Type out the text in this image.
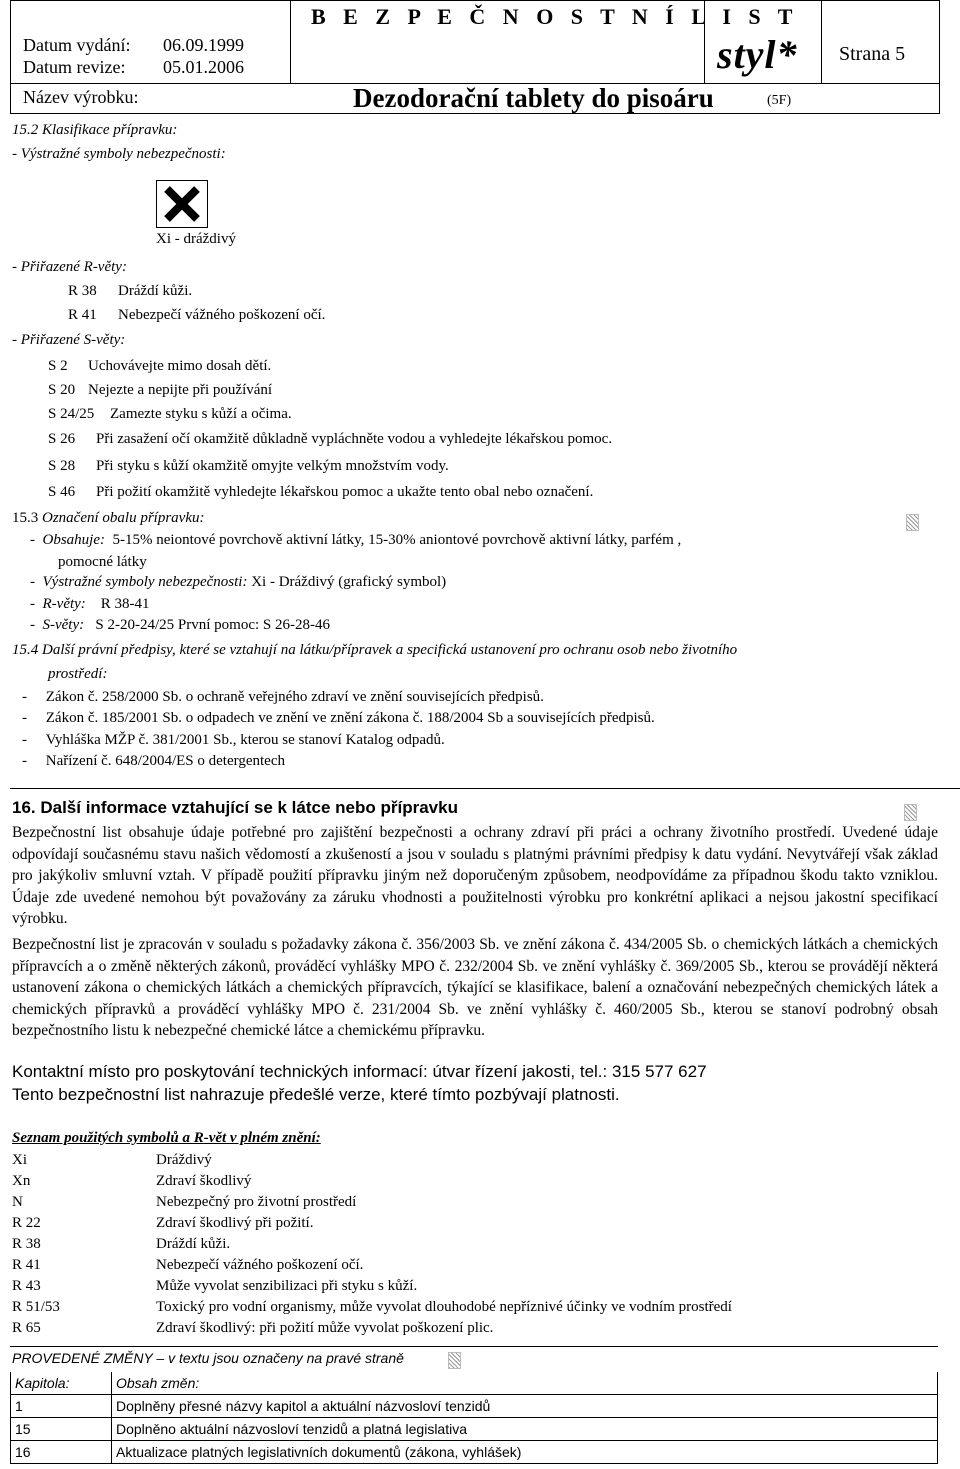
Datum vydání: 06.09.1999
Datum revize: 05.01.2006
B E Z P E Č N O S T N Í L I S T
styl* Strana 5
Název výrobku:	Dezodorační tablety do pisoáru	(5F)
15.2 Klasifikace přípravku:
- Výstražné symboly nebezpečnosti:
Xi - dráždivý
- Přiřazené R-věty:
R 38 Dráždí kůži.
R 41 Nebezpečí vážného poškození očí.
- Přiřazené S-věty:
S 2 Uchovávejte mimo dosah dětí.
S 20 Nejezte a nepijte při používání
S 24/25 Zamezte styku s kůží a očima.
S 26 Při zasažení očí okamžitě důkladně vypláchněte vodou a vyhledejte lékařskou pomoc.
S 28 Při styku s kůží okamžitě omyjte velkým množstvím vody.
S 46 Při požití okamžitě vyhledejte lékařskou pomoc a ukažte tento obal nebo označení.
15.3 Označení obalu přípravku:
-  Obsahuje: 5-15% neiontové povrchově aktivní látky, 15-30% aniontové povrchově aktivní látky, parfém ,
pomocné látky
-  Výstražné symboly nebezpečnosti: Xi - Dráždivý (grafický symbol)
-  R-věty: R 38-41
-  S-věty: S 2-20-24/25 První pomoc: S 26-28-46
15.4 Další právní předpisy, které se vztahují na látku/přípravek a specifická ustanovení pro ochranu osob nebo životního
prostředí:
-     Zákon č. 258/2000 Sb. o ochraně veřejného zdraví ve znění souvisejících předpisů.
-     Zákon č. 185/2001 Sb. o odpadech ve znění ve znění zákona č. 188/2004 Sb a souvisejících předpisů.
-     Vyhláška MŽP č. 381/2001 Sb., kterou se stanoví Katalog odpadů.
-     Nařízení č. 648/2004/ES o detergentech
16. Další informace vztahující se k látce nebo přípravku
Bezpečnostní list obsahuje údaje potřebné pro zajištění bezpečnosti a ochrany zdraví při práci a ochrany životního prostředí. Uvedené údaje odpovídají současnému stavu našich vědomostí a zkušeností a jsou v souladu s platnými právními předpisy k datu vydání. Nevytvářejí však základ pro jakýkoliv smluvní vztah. V případě použití přípravku jiným než doporučeným způsobem, neodpovídáme za případnou škodu takto vzniklou. Údaje zde uvedené nemohou být považovány za záruku vhodnosti a použitelnosti výrobku pro konkrétní aplikaci a nejsou jakostní specifikací výrobku.
Bezpečnostní list je zpracován v souladu s požadavky zákona č. 356/2003 Sb. ve znění zákona č. 434/2005 Sb. o chemických látkách a chemických přípravcích a o změně některých zákonů, prováděcí vyhlášky MPO č. 232/2004 Sb. ve znění vyhlášky č. 369/2005 Sb., kterou se provádějí některá ustanovení zákona o chemických látkách a chemických přípravcích, týkající se klasifikace, balení a označování nebezpečných chemických látek a chemických přípravků a prováděcí vyhlášky MPO č. 231/2004 Sb. ve znění vyhlášky č. 460/2005 Sb., kterou se stanoví podrobný obsah bezpečnostního listu k nebezpečné chemické látce a chemickému přípravku.
Kontaktní místo pro poskytování technických informací: útvar řízení jakosti, tel.: 315 577 627
Tento bezpečnostní list nahrazuje předešlé verze, které tímto pozbývají platnosti.
Seznam použitých symbolů a R-vět v plném znění:
Xi	Dráždivý
Xn	Zdraví škodlivý
N	Nebezpečný pro životní prostředí
R 22	Zdraví škodlivý při požití.
R 38	Dráždí kůži.
R 41	Nebezpečí vážného poškození očí.
R 43	Může vyvolat senzibilizaci při styku s kůží.
R 51/53	Toxický pro vodní organismy, může vyvolat dlouhodobé nepříznivé účinky ve vodním prostředí
R 65	Zdraví škodlivý: při požití může vyvolat poškození plic.
PROVEDENÉ ZMĚNY – v textu jsou označeny na pravé straně
Kapitola:	Obsah změn:
1	Doplněny přesné názvy kapitol a aktuální názvosloví tenzidů
15	Doplněno aktuální názvosloví tenzidů a platná legislativa
16	Aktualizace platných legislativních dokumentů (zákona, vyhlášek)
